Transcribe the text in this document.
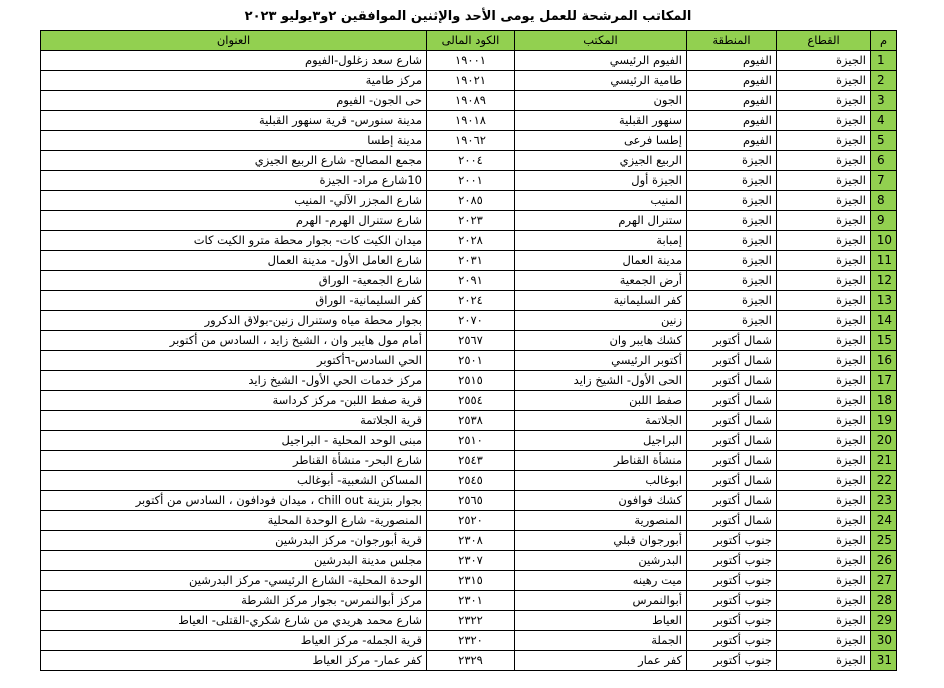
المكاتب المرشحة للعمل يومى الأحد والإثنين الموافقين ٢و٣يوليو ٢٠٢٣
م	القطاع	المنطقة	المكتب	الكود المالى	العنوان
1	الجيزة	الفيوم	الفيوم الرئيسي	١٩٠٠١	شارع سعد زغلول-الفيوم
2	الجيزة	الفيوم	طامية الرئيسي	١٩٠٢١	مركز طامية
3	الجيزة	الفيوم	الجون	١٩٠٨٩	حى الجون- الفيوم
4	الجيزة	الفيوم	سنهور القبلية	١٩٠١٨	مدينة سنورس- قرية سنهور القبلية
5	الجيزة	الفيوم	إطسا فرعى	١٩٠٦٢	مدينة إطسا
6	الجيزة	الجيزة	الربيع الجيزي	٢٠٠٤	مجمع المصالح- شارع الربيع الجيزي
7	الجيزة	الجيزة	الجيزة أول	٢٠٠١	10شارع مراد- الجيزة
8	الجيزة	الجيزة	المنيب	٢٠٨٥	شارع المجزر الآلي- المنيب
9	الجيزة	الجيزة	ستنرال الهرم	٢٠٢٣	شارع ستنرال الهرم- الهرم
10	الجيزة	الجيزة	إمبابة	٢٠٢٨	ميدان الكيت كات- بجوار محطة مترو الكيت كات
11	الجيزة	الجيزة	مدينة العمال	٢٠٣١	شارع العامل الأول- مدينة العمال
12	الجيزة	الجيزة	أرض الجمعية	٢٠٩١	شارع الجمعية- الوراق
13	الجيزة	الجيزة	كفر السليمانية	٢٠٢٤	كفر السليمانية- الوراق
14	الجيزة	الجيزة	زنين	٢٠٧٠	بجوار محطة مياه وستنرال زنين-بولاق الدكرور
15	الجيزة	شمال أكتوبر	كشك هايبر وان	٢٥٦٧	أمام مول هايبر وان ، الشيخ زايد ، السادس من أكتوبر
16	الجيزة	شمال أكتوبر	أكتوبر الرئيسي	٢٥٠١	الحي السادس-٦أكتوبر
17	الجيزة	شمال أكتوبر	الحى الأول- الشيخ زايد	٢٥١٥	مركز خدمات الحي الأول- الشيخ زايد
18	الجيزة	شمال أكتوبر	صفط اللبن	٢٥٥٤	قرية صفط اللبن- مركز كرداسة
19	الجيزة	شمال أكتوبر	الجلاتمة	٢٥٣٨	قرية الجلاتمة
20	الجيزة	شمال أكتوبر	البراجيل	٢٥١٠	مبنى الوحد المحلية - البراجيل
21	الجيزة	شمال أكتوبر	منشأة القناطر	٢٥٤٣	شارع البحر- منشأة القناطر
22	الجيزة	شمال أكتوبر	ابوغالب	٢٥٤٥	المساكن الشعبية- أبوغالب
23	الجيزة	شمال أكتوبر	كشك فوافون	٢٥٦٥	بجوار بتزينة chill out ، ميدان فودافون ، السادس من أكتوبر
24	الجيزة	شمال أكتوبر	المنصورية	٢٥٢٠	المنصورية- شارع الوحدة المحلية
25	الجيزة	جنوب أكتوبر	أبورجوان قبلي	٢٣٠٨	قرية أبورجوان- مركز البدرشين
26	الجيزة	جنوب أكتوبر	البدرشين	٢٣٠٧	مجلس مدينة البدرشين
27	الجيزة	جنوب أكتوبر	ميت رهينه	٢٣١٥	الوحدة المحلية- الشارع الرئيسي- مركز البدرشين
28	الجيزة	جنوب أكتوبر	أبوالنمرس	٢٣٠١	مركز أبوالنمرس- بجوار مركز الشرطة
29	الجيزة	جنوب أكتوبر	العياط	٢٣٢٢	شارع محمد هريدي من شارع شكري-القتلى- العياط
30	الجيزة	جنوب أكتوبر	الجملة	٢٣٢٠	قرية الجمله- مركز العياط
31	الجيزة	جنوب أكتوبر	كفر عمار	٢٣٢٩	كفر عمار- مركز العياط
